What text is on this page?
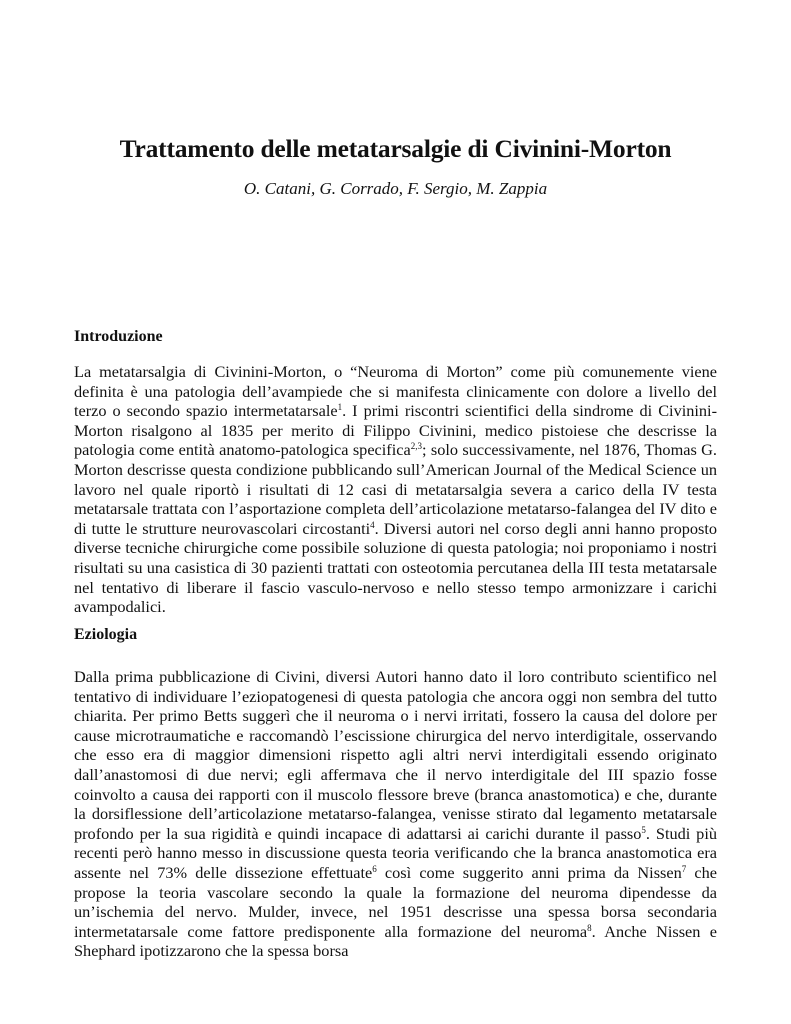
Trattamento delle metatarsalgie di Civinini-Morton

O. Catani, G. Corrado, F. Sergio, M. Zappia

Introduzione

La metatarsalgia di Civinini-Morton, o “Neuroma di Morton” come più comunemente viene definita è una patologia dell’avampiede che si manifesta clinicamente con dolore a livello del terzo o secondo spazio intermetatarsale$^1$. I primi riscontri scientifici della sindrome di Civinini-Morton risalgono al 1835 per merito di Filippo Civinini, medico pistoiese che descrisse la patologia come entità anatomo-patologica specifica$^{2,3}$; solo successivamente, nel 1876, Thomas G. Morton descrisse questa condizione pubblicando sull’American Journal of the Medical Science un lavoro nel quale riportò i risultati di 12 casi di metatarsalgia severa a carico della IV testa metatarsale trattata con l’asportazione completa dell’articolazione metatarso-falangea del IV dito e di tutte le strutture neurovascolari circostanti$^4$. Diversi autori nel corso degli anni hanno proposto diverse tecniche chirurgiche come possibile soluzione di questa patologia; noi proponiamo i nostri risultati su una casistica di 30 pazienti trattati con osteotomia percutanea della III testa metatarsale nel tentativo di liberare il fascio vasculo-nervoso e nello stesso tempo armonizzare i carichi avampodalici.

Eziologia

Dalla prima pubblicazione di Civini, diversi Autori hanno dato il loro contributo scientifico nel tentativo di individuare l’eziopatogenesi di questa patologia che ancora oggi non sembra del tutto chiarita. Per primo Betts suggerì che il neuroma o i nervi irritati, fossero la causa del dolore per cause microtraumatiche e raccomandò l’escissione chirurgica del nervo interdigitale, osservando che esso era di maggior dimensioni rispetto agli altri nervi interdigitali essendo originato dall’anastomosi di due nervi; egli affermava che il nervo interdigitale del III spazio fosse coinvolto a causa dei rapporti con il muscolo flessore breve (branca anastomotica) e che, durante la dorsiflessione dell’articolazione metatarso-falangea, venisse stirato dal legamento metatarsale profondo per la sua rigidità e quindi incapace di adattarsi ai carichi durante il passo$^5$. Studi più recenti però hanno messo in discussione questa teoria verificando che la branca anastomotica era assente nel 73% delle dissezione effettuate$^6$ così come suggerito anni prima da Nissen$^7$ che propose la teoria vascolare secondo la quale la formazione del neuroma dipendesse da un’ischemia del nervo. Mulder, invece, nel 1951 descrisse una spessa borsa secondaria intermetatarsale come fattore predisponente alla formazione del neuroma$^8$. Anche Nissen e Shephard ipotizzarono che la spessa borsa
